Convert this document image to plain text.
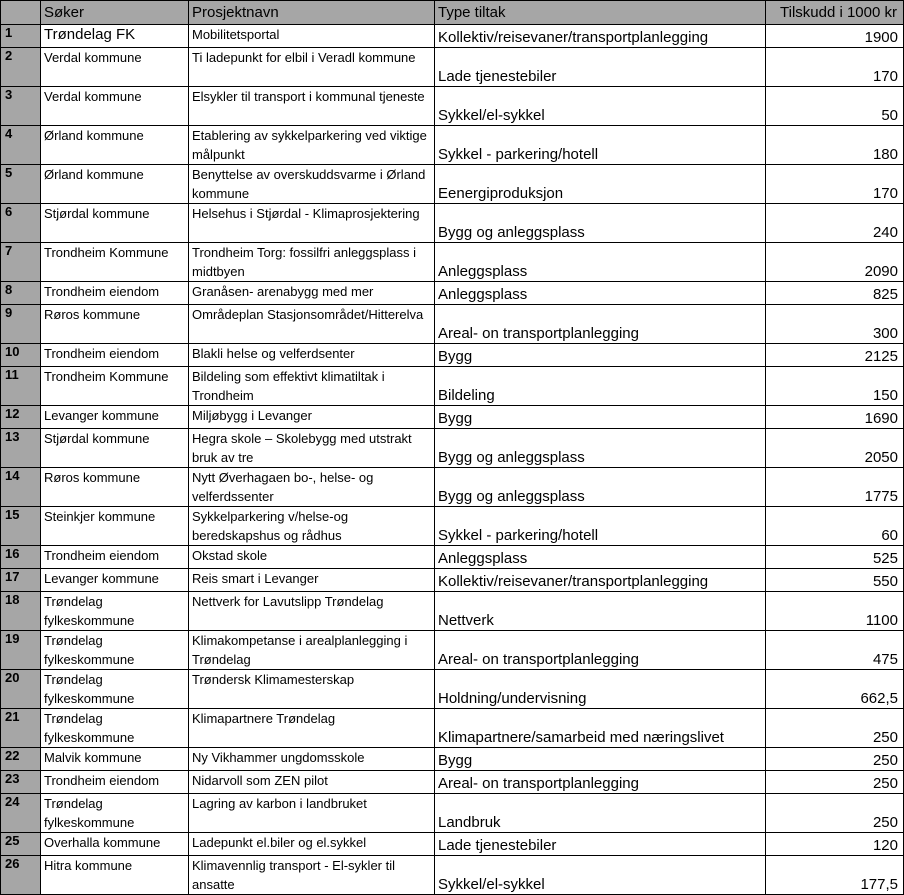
	Søker	Prosjektnavn	Type tiltak	Tilskudd i 1000 kr
1	Trøndelag FK	Mobilitetsportal	Kollektiv/reisevaner/transportplanlegging	1900
2	Verdal kommune	Ti ladepunkt for elbil i Veradl kommune	Lade tjenestebiler	170
3	Verdal kommune	Elsykler til transport i kommunal tjeneste	Sykkel/el-sykkel	50
4	Ørland kommune	Etablering av sykkelparkering ved viktige målpunkt	Sykkel - parkering/hotell	180
5	Ørland kommune	Benyttelse av overskuddsvarme i Ørland kommune	Eenergiproduksjon	170
6	Stjørdal kommune	Helsehus i Stjørdal - Klimaprosjektering	Bygg og anleggsplass	240
7	Trondheim Kommune	Trondheim Torg: fossilfri anleggsplass i midtbyen	Anleggsplass	2090
8	Trondheim eiendom	Granåsen- arenabygg med mer	Anleggsplass	825
9	Røros kommune	Områdeplan Stasjonsområdet/Hitterelva	Areal- on transportplanlegging	300
10	Trondheim eiendom	Blakli helse og velferdsenter	Bygg	2125
11	Trondheim Kommune	Bildeling som effektivt klimatiltak i Trondheim	Bildeling	150
12	Levanger kommune	Miljøbygg i Levanger	Bygg	1690
13	Stjørdal kommune	Hegra skole – Skolebygg med utstrakt bruk av tre	Bygg og anleggsplass	2050
14	Røros kommune	Nytt Øverhagaen bo-, helse- og velferdssenter	Bygg og anleggsplass	1775
15	Steinkjer kommune	Sykkelparkering v/helse-og beredskapshus og rådhus	Sykkel - parkering/hotell	60
16	Trondheim eiendom	Okstad skole	Anleggsplass	525
17	Levanger kommune	Reis smart i Levanger	Kollektiv/reisevaner/transportplanlegging	550
18	Trøndelag fylkeskommune	Nettverk for Lavutslipp Trøndelag	Nettverk	1100
19	Trøndelag fylkeskommune	Klimakompetanse i arealplanlegging i Trøndelag	Areal- on transportplanlegging	475
20	Trøndelag fylkeskommune	Trøndersk Klimamesterskap	Holdning/undervisning	662,5
21	Trøndelag fylkeskommune	Klimapartnere Trøndelag	Klimapartnere/samarbeid med næringslivet	250
22	Malvik kommune	Ny Vikhammer ungdomsskole	Bygg	250
23	Trondheim eiendom	Nidarvoll som ZEN pilot	Areal- on transportplanlegging	250
24	Trøndelag fylkeskommune	Lagring av karbon i landbruket	Landbruk	250
25	Overhalla kommune	Ladepunkt el.biler og el.sykkel	Lade tjenestebiler	120
26	Hitra kommune	Klimavennlig transport - El-sykler til ansatte	Sykkel/el-sykkel	177,5
